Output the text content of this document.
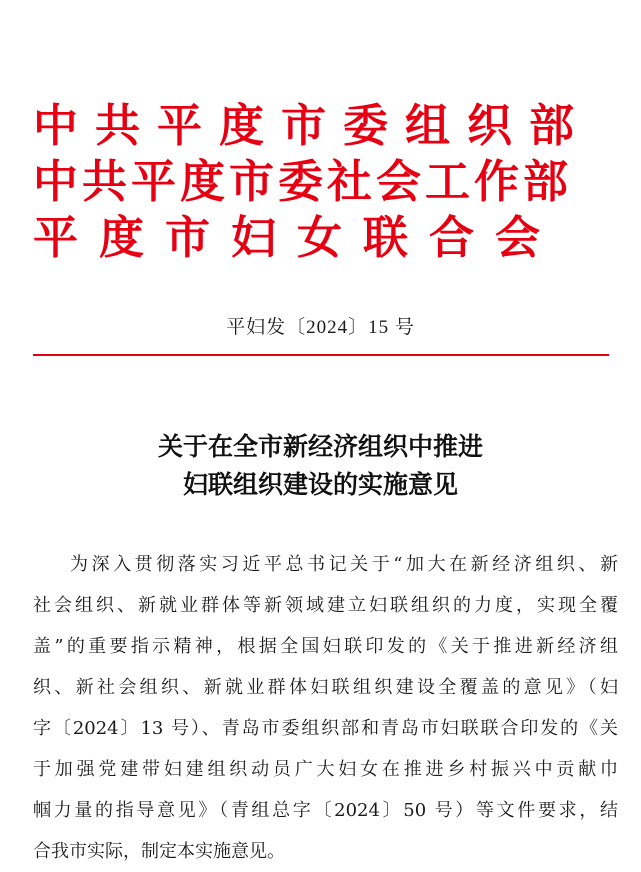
中共平度市委组织部
中共平度市委社会工作部
平度市妇女联合会
平妇发〔2024〕15 号
关于在全市新经济组织中推进
妇联组织建设的实施意见
为深入贯彻落实习近平总书记关于“加大在新经济组织、新
社会组织、新就业群体等新领域建立妇联组织的力度，实现全覆
盖”的重要指示精神，根据全国妇联印发的《关于推进新经济组
织、新社会组织、新就业群体妇联组织建设全覆盖的意见》（妇
字〔2024〕13 号）、青岛市委组织部和青岛市妇联联合印发的《关
于加强党建带妇建组织动员广大妇女在推进乡村振兴中贡献巾
帼力量的指导意见》（青组总字〔2024〕50 号）等文件要求，结
合我市实际，制定本实施意见。
